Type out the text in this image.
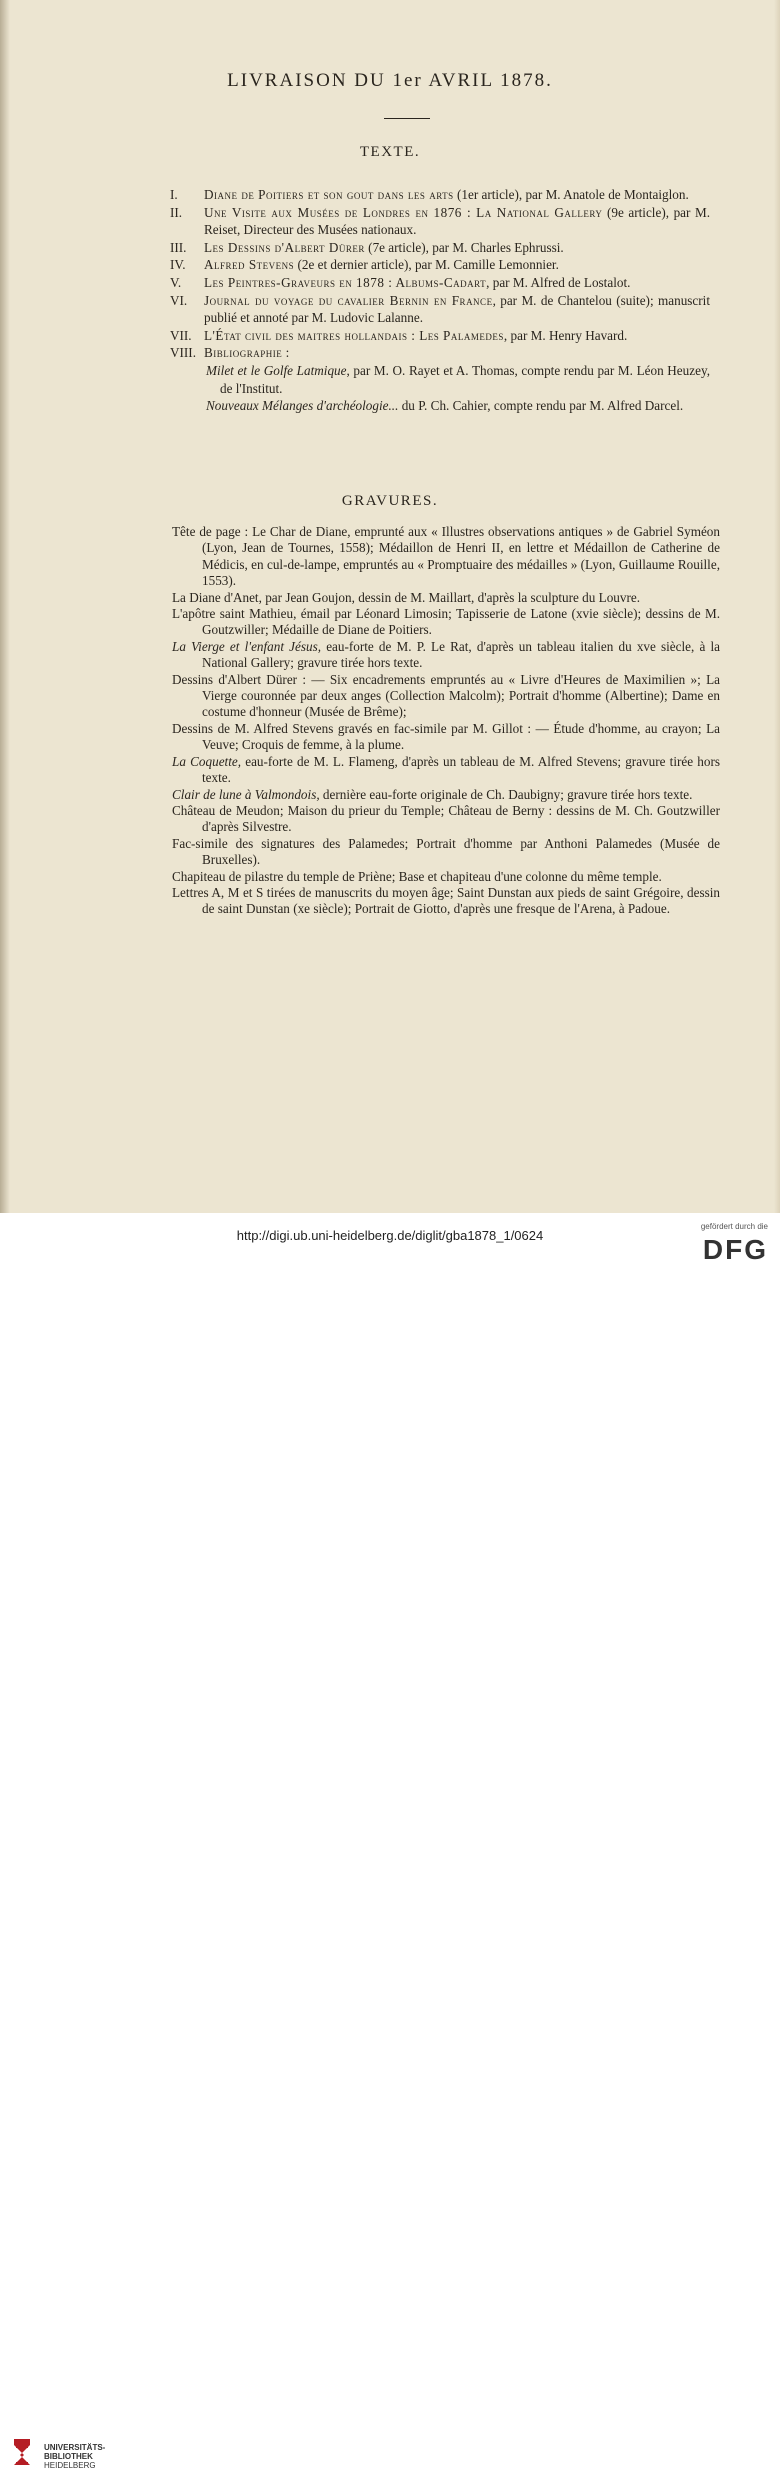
LIVRAISON DU 1er AVRIL 1878.
TEXTE.
I. Diane de Poitiers et son gout dans les arts (1er article), par M. Anatole de Montaiglon.
II. Une Visite aux Musées de Londres en 1876 : La National Gallery (9e article), par M. Reiset, Directeur des Musées nationaux.
III. Les Dessins d'Albert Dürer (7e article), par M. Charles Ephrussi.
IV. Alfred Stevens (2e et dernier article), par M. Camille Lemonnier.
V. Les Peintres-Graveurs en 1878 : Albums-Cadart, par M. Alfred de Lostalot.
VI. Journal du voyage du cavalier Bernin en France, par M. de Chantelou (suite); manuscrit publié et annoté par M. Ludovic Lalanne.
VII. L'État civil des maitres hollandais : Les Palamedes, par M. Henry Havard.
VIII. Bibliographie :
Milet et le Golfe Latmique, par M. O. Rayet et A. Thomas, compte rendu par M. Léon Heuzey, de l'Institut.
Nouveaux Mélanges d'archéologie... du P. Ch. Cahier, compte rendu par M. Alfred Darcel.
GRAVURES.
Tête de page : Le Char de Diane, emprunté aux « Illustres observations antiques » de Gabriel Syméon (Lyon, Jean de Tournes, 1558); Médaillon de Henri II, en lettre et Médaillon de Catherine de Médicis, en cul-de-lampe, empruntés au « Promptuaire des médailles » (Lyon, Guillaume Rouille, 1553).
La Diane d'Anet, par Jean Goujon, dessin de M. Maillart, d'après la sculpture du Louvre.
L'apôtre saint Mathieu, émail par Léonard Limosin; Tapisserie de Latone (xvie siècle); dessins de M. Goutzwiller; Médaille de Diane de Poitiers.
La Vierge et l'enfant Jésus, eau-forte de M. P. Le Rat, d'après un tableau italien du xve siècle, à la National Gallery; gravure tirée hors texte.
Dessins d'Albert Dürer : — Six encadrements empruntés au « Livre d'Heures de Maximilien »; La Vierge couronnée par deux anges (Collection Malcolm); Portrait d'homme (Albertine); Dame en costume d'honneur (Musée de Brême);
Dessins de M. Alfred Stevens gravés en fac-simile par M. Gillot : — Étude d'homme, au crayon; La Veuve; Croquis de femme, à la plume.
La Coquette, eau-forte de M. L. Flameng, d'après un tableau de M. Alfred Stevens; gravure tirée hors texte.
Clair de lune à Valmondois, dernière eau-forte originale de Ch. Daubigny; gravure tirée hors texte.
Château de Meudon; Maison du prieur du Temple; Château de Berny : dessins de M. Ch. Goutzwiller d'après Silvestre.
Fac-simile des signatures des Palamedes; Portrait d'homme par Anthoni Palamedes (Musée de Bruxelles).
Chapiteau de pilastre du temple de Priène; Base et chapiteau d'une colonne du même temple.
Lettres A, M et S tirées de manuscrits du moyen âge; Saint Dunstan aux pieds de saint Grégoire, dessin de saint Dunstan (xe siècle); Portrait de Giotto, d'après une fresque de l'Arena, à Padoue.
UNIVERSITÄTS-
BIBLIOTHEK
HEIDELBERG
http://digi.ub.uni-heidelberg.de/diglit/gba1878_1/0624
gefördert durch die
DFG
